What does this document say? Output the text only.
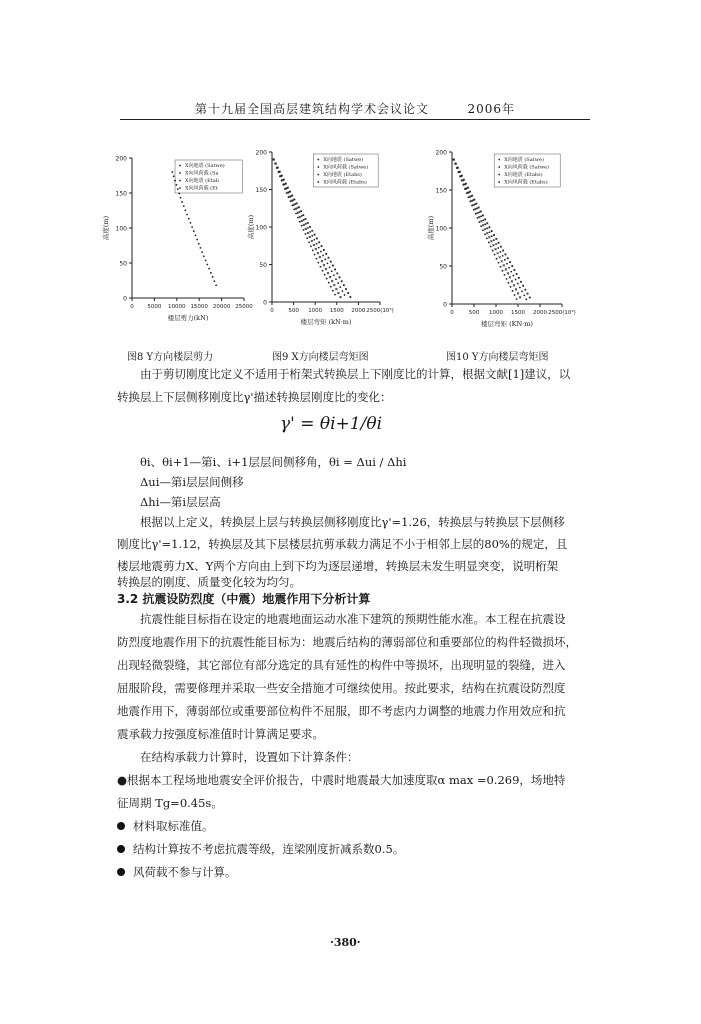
第十九届全国高层建筑结构学术会议论文	2006年
0
50
100
150
200
0 5000 10000 15000 20000 25000
楼层剪力(kN)
高度(m)
X向地震 (Satwe)
X向风荷载 (Sa
X向地震 (Etab
X向风荷载 (Et
0
50
100
150
200
0	500 1000 1500 2000 2500(10³)
楼层弯矩 (kN·m)
高度(m)
X向地震 (Satwe)
X向风荷载 (Satwe)
X向地震 (Etabs)
X向风荷载 (Etabs)
0
50
100
150
200
0	500 1000 1500 2000 2500(10³)
楼层弯矩 (KN·m)
高度(m)
X向地震 (Satwe)
X向风荷载 (Satwe)
X向地震 (Etabs)
X向风荷载 (Etabs)
图8 Y方向楼层剪力	图9 X方向楼层弯矩图	图10 Y方向楼层弯矩图
由于剪切刚度比定义不适用于桁架式转换层上下刚度比的计算，根据文献[1]建议，以
转换层上下层侧移刚度比γ'描述转换层刚度比的变化：
γ' = θi+1/θi
θi、θi+1—第i、i+1层层间侧移角，θi = Δui / Δhi
Δui—第i层层间侧移
Δhi—第i层层高
根据以上定义，转换层上层与转换层侧移刚度比γ'=1.26，转换层与转换层下层侧移
刚度比γ'=1.12，转换层及其下层楼层抗剪承载力满足不小于相邻上层的80%的规定，且
楼层地震剪力X、Y两个方向由上到下均为逐层递增，转换层未发生明显突变，说明桁架
转换层的刚度、质量变化较为均匀。
3.2 抗震设防烈度（中震）地震作用下分析计算
抗震性能目标指在设定的地震地面运动水准下建筑的预期性能水准。本工程在抗震设
防烈度地震作用下的抗震性能目标为：地震后结构的薄弱部位和重要部位的构件轻微损坏，
出现轻微裂缝，其它部位有部分选定的具有延性的构件中等损坏，出现明显的裂缝，进入
屈服阶段，需要修理并采取一些安全措施才可继续使用。按此要求，结构在抗震设防烈度
地震作用下，薄弱部位或重要部位构件不屈服，即不考虑内力调整的地震力作用效应和抗
震承载力按强度标准值时计算满足要求。
在结构承载力计算时，设置如下计算条件：
●根据本工程场地地震安全评价报告，中震时地震最大加速度取α max =0.269，场地特
征周期 Tg=0.45s。
材料取标准值。
结构计算按不考虑抗震等级，连梁刚度折减系数0.5。
风荷载不参与计算。
·380·
